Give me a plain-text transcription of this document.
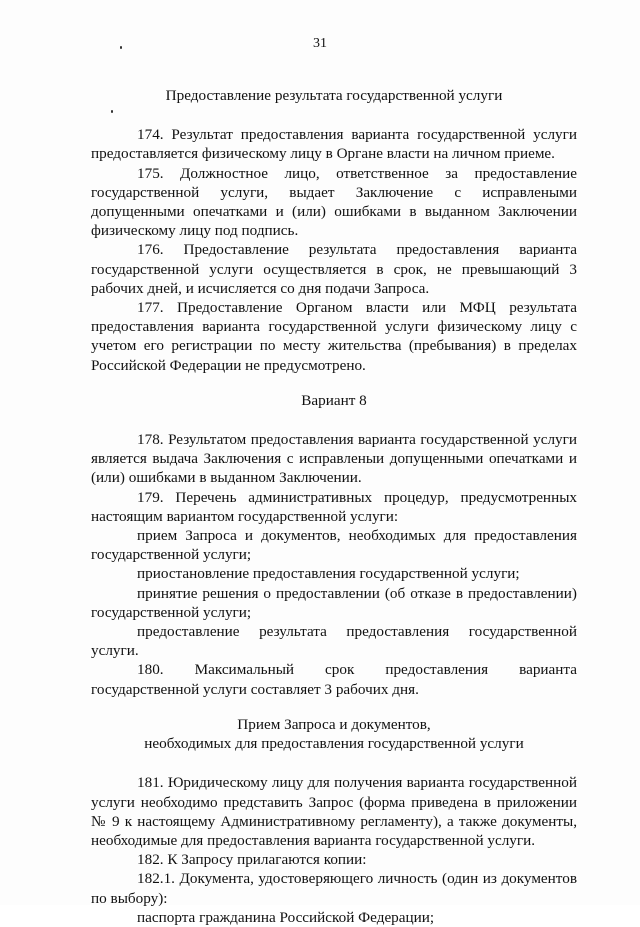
31
Предоставление результата государственной услуги
174. Результат предоставления варианта государственной услуги предоставляется физическому лицу в Органе власти на личном приеме.
175. Должностное лицо, ответственное за предоставление государственной услуги, выдает Заключение с исправлеными допущенными опечатками и (или) ошибками в выданном Заключении физическому лицу под подпись.
176. Предоставление результата предоставления варианта государственной услуги осуществляется в срок, не превышающий 3 рабочих дней, и исчисляется со дня подачи Запроса.
177. Предоставление Органом власти или МФЦ результата предоставления варианта государственной услуги физическому лицу с учетом его регистрации по месту жительства (пребывания) в пределах Российской Федерации не предусмотрено.
Вариант 8
178. Результатом предоставления варианта государственной услуги является выдача Заключения с исправленыи допущенными опечатками и (или) ошибками в выданном Заключении.
179. Перечень административных процедур, предусмотренных настоящим вариантом государственной услуги:
прием Запроса и документов, необходимых для предоставления государственной услуги;
приостановление предоставления государственной услуги;
принятие решения о предоставлении (об отказе в предоставлении) государственной услуги;
предоставление результата предоставления государственной услуги.
180. Максимальный срок предоставления варианта государственной услуги составляет 3 рабочих дня.
Прием Запроса и документов,
необходимых для предоставления государственной услуги
181. Юридическому лицу для получения варианта государственной услуги необходимо представить Запрос (форма приведена в приложении № 9 к настоящему Административному регламенту), а также документы, необходимые для предоставления варианта государственной услуги.
182. К Запросу прилагаются копии:
182.1. Документа, удостоверяющего личность (один из документов по выбору):
паспорта гражданина Российской Федерации;
